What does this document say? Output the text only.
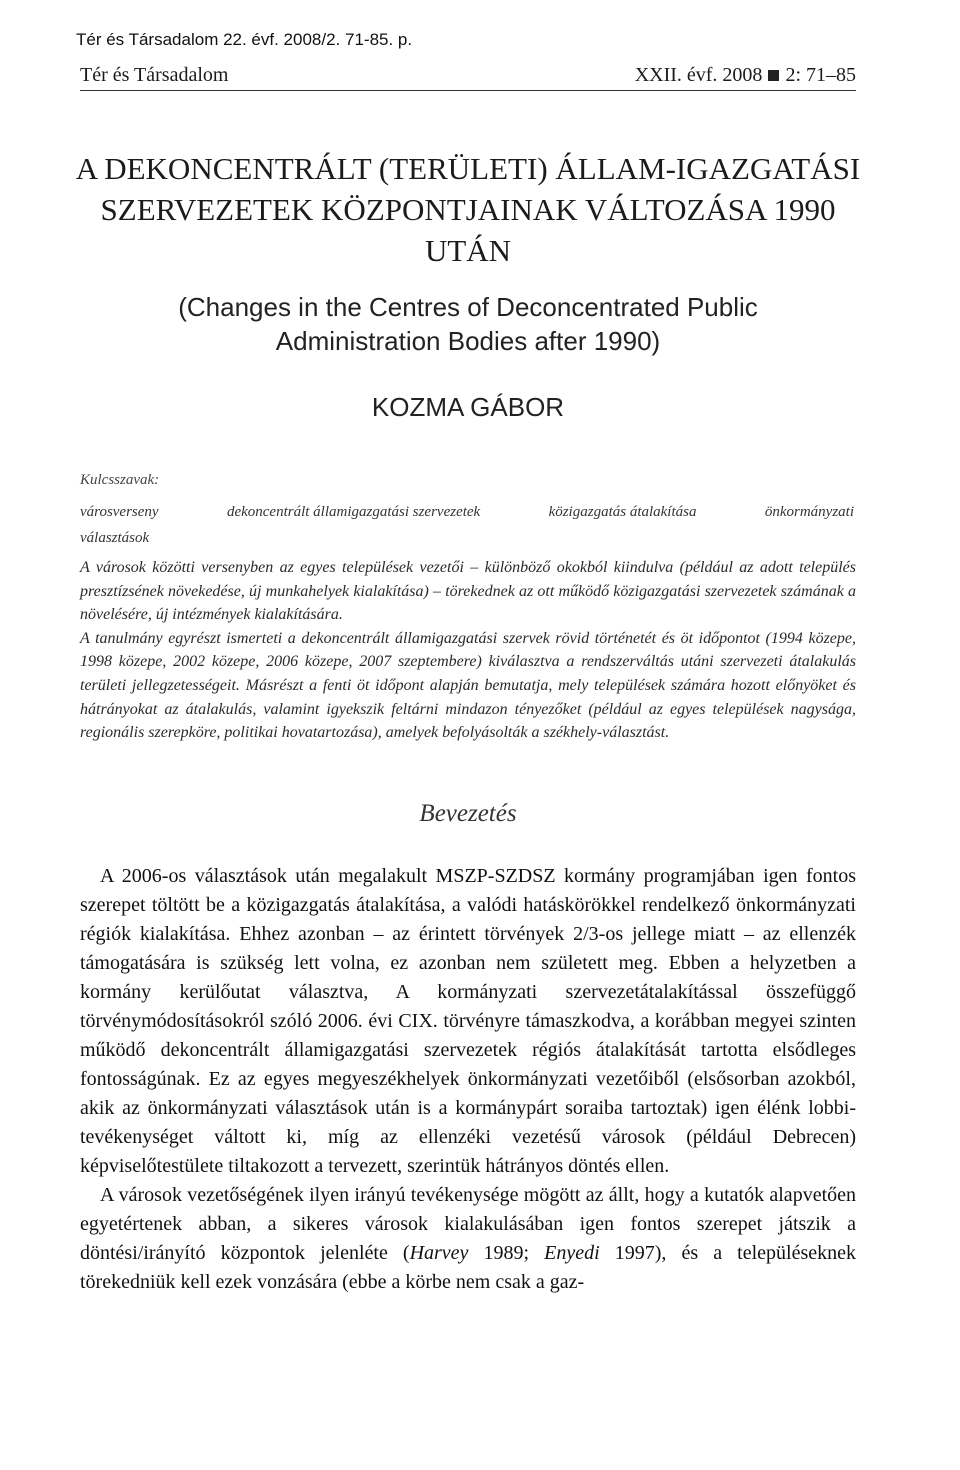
Tér és Társadalom 22. évf. 2008/2. 71-85. p.
Tér és Társadalom	XXII. évf. 2008 2: 71–85
A DEKONCENTRÁLT (TERÜLETI) ÁLLAM-IGAZGATÁSI SZERVEZETEK KÖZPONTJAINAK VÁLTOZÁSA 1990 UTÁN
(Changes in the Centres of Deconcentrated Public Administration Bodies after 1990)
KOZMA GÁBOR
Kulcsszavak:
városverseny	dekoncentrált államigazgatási szervezetek	közigazgatás átalakítása	önkormányzati
választások

A városok közötti versenyben az egyes települések vezetői – különböző okokból kiindulva (például az adott település presztízsének növekedése, új munkahelyek kialakítása) – törekednek az ott működő közigazgatási szervezetek számának a növelésére, új intézmények kialakítására.

A tanulmány egyrészt ismerteti a dekoncentrált államigazgatási szervek rövid történetét és öt időpontot (1994 közepe, 1998 közepe, 2002 közepe, 2006 közepe, 2007 szeptembere) kiválasztva a rendszerváltás utáni szervezeti átalakulás területi jellegzetességeit. Másrészt a fenti öt időpont alapján bemutatja, mely települések számára hozott előnyöket és hátrányokat az átalakulás, valamint igyekszik feltárni mindazon tényezőket (például az egyes települések nagysága, regionális szerepköre, politikai hovatartozása), amelyek befolyásolták a székhely-választást.

Bevezetés

A 2006-os választások után megalakult MSZP-SZDSZ kormány programjában igen fontos szerepet töltött be a közigazgatás átalakítása, a valódi hatáskörökkel rendelkező önkormányzati régiók kialakítása. Ehhez azonban – az érintett törvények 2/3-os jellege miatt – az ellenzék támogatására is szükség lett volna, ez azonban nem született meg. Ebben a helyzetben a kormány kerülőutat választva, A kormányzati szervezetátalakítással összefüggő törvénymódosításokról szóló 2006. évi CIX. törvényre támaszkodva, a korábban megyei szinten működő dekoncentrált államigazgatási szervezetek régiós átalakítását tartotta elsődleges fontosságúnak. Ez az egyes megyeszékhelyek önkormányzati vezetőiből (elsősorban azokból, akik az önkormányzati választások után is a kormánypárt soraiba tartoztak) igen élénk lobbi-tevékenységet váltott ki, míg az ellenzéki vezetésű városok (például Debrecen) képviselőtestülete tiltakozott a tervezett, szerintük hátrányos döntés ellen.

A városok vezetőségének ilyen irányú tevékenysége mögött az állt, hogy a kutatók alapvetően egyetértenek abban, a sikeres városok kialakulásában igen fontos szerepet játszik a döntési/irányító központok jelenléte (Harvey 1989; Enyedi 1997), és a településeknek törekedniük kell ezek vonzására (ebbe a körbe nem csak a gaz-
